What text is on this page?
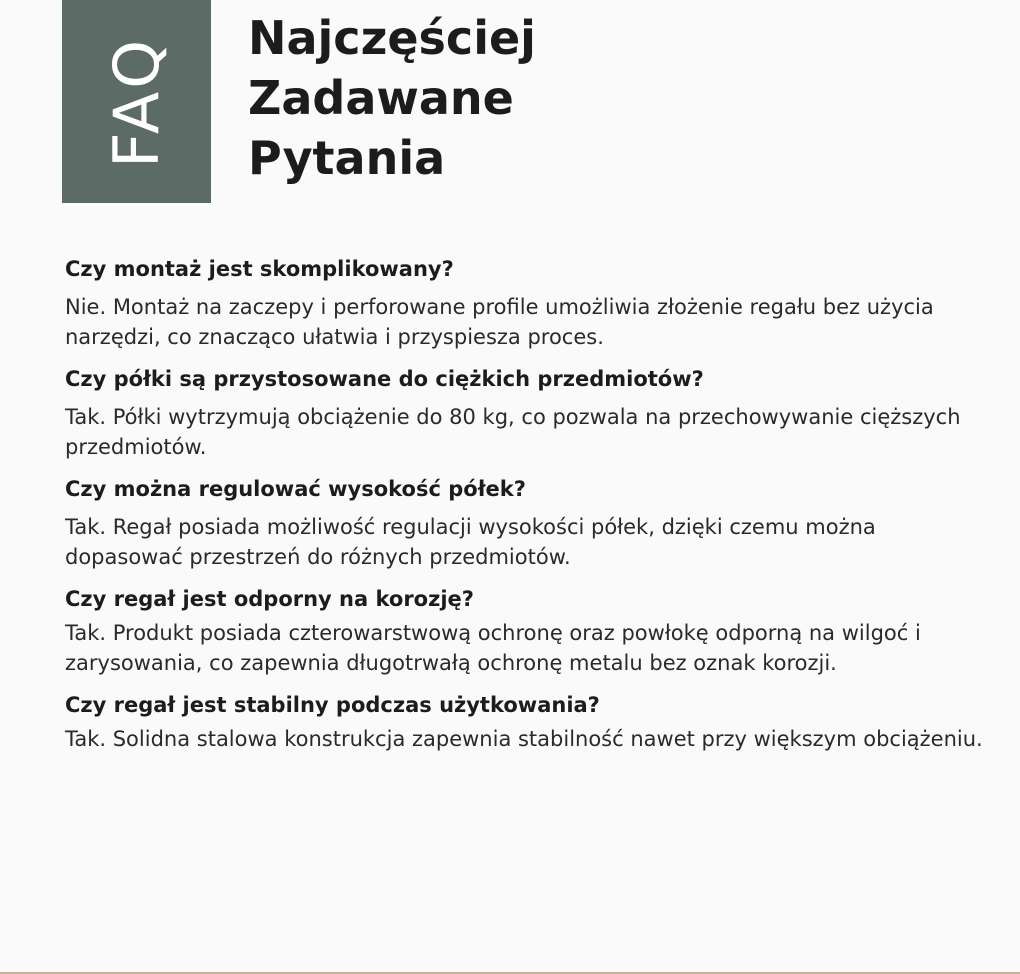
FAQ Najczęściej
Zadawane
Pytania

Czy montaż jest skomplikowany?

Nie. Montaż na zaczepy i perforowane profile umożliwia złożenie regału bez użycia narzędzi, co znacząco ułatwia i przyspiesza proces.

Czy półki są przystosowane do ciężkich przedmiotów?

Tak. Półki wytrzymują obciążenie do 80 kg, co pozwala na przechowywanie cięższych przedmiotów.

Czy można regulować wysokość półek?

Tak. Regał posiada możliwość regulacji wysokości półek, dzięki czemu można dopasować przestrzeń do różnych przedmiotów.

Czy regał jest odporny na korozję?

Tak. Produkt posiada czterowarstwową ochronę oraz powłokę odporną na wilgoć i zarysowania, co zapewnia długotrwałą ochronę metalu bez oznak korozji.

Czy regał jest stabilny podczas użytkowania?

Tak. Solidna stalowa konstrukcja zapewnia stabilność nawet przy większym obciążeniu.
